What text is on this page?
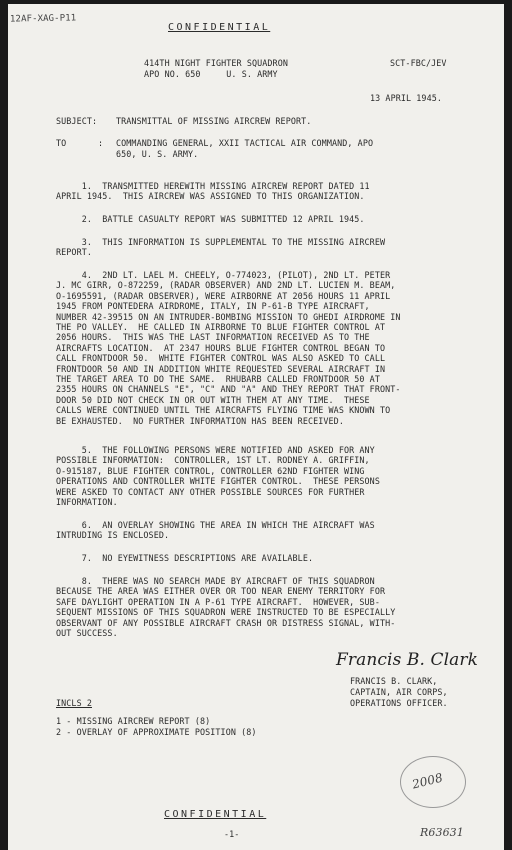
12AF-XAG-P11
CONFIDENTIAL
414TH NIGHT FIGHTER SQUADRON
APO NO. 650     U. S. ARMY
SCT-FBC/JEV
13 APRIL 1945.
SUBJECT: TRANSMITTAL OF MISSING AIRCREW REPORT.
TO	: COMMANDING GENERAL, XXII TACTICAL AIR COMMAND, APO
650, U. S. ARMY.
1.  TRANSMITTED HEREWITH MISSING AIRCREW REPORT DATED 11
APRIL 1945.  THIS AIRCREW WAS ASSIGNED TO THIS ORGANIZATION.
2.  BATTLE CASUALTY REPORT WAS SUBMITTED 12 APRIL 1945.
3.  THIS INFORMATION IS SUPPLEMENTAL TO THE MISSING AIRCREW
REPORT.
4.  2ND LT. LAEL M. CHEELY, O-774023, (PILOT), 2ND LT. PETER
J. MC GIRR, O-872259, (RADAR OBSERVER) AND 2ND LT. LUCIEN M. BEAM,
O-1695591, (RADAR OBSERVER), WERE AIRBORNE AT 2056 HOURS 11 APRIL
1945 FROM PONTEDERA AIRDROME, ITALY, IN P-61-B TYPE AIRCRAFT,
NUMBER 42-39515 ON AN INTRUDER-BOMBING MISSION TO GHEDI AIRDROME IN
THE PO VALLEY.  HE CALLED IN AIRBORNE TO BLUE FIGHTER CONTROL AT
2056 HOURS.  THIS WAS THE LAST INFORMATION RECEIVED AS TO THE
AIRCRAFTS LOCATION.  AT 2347 HOURS BLUE FIGHTER CONTROL BEGAN TO
CALL FRONTDOOR 50.  WHITE FIGHTER CONTROL WAS ALSO ASKED TO CALL
FRONTDOOR 50 AND IN ADDITION WHITE REQUESTED SEVERAL AIRCRAFT IN
THE TARGET AREA TO DO THE SAME.  RHUBARB CALLED FRONTDOOR 50 AT
2355 HOURS ON CHANNELS "E", "C" AND "A" AND THEY REPORT THAT FRONT-
DOOR 50 DID NOT CHECK IN OR OUT WITH THEM AT ANY TIME.  THESE
CALLS WERE CONTINUED UNTIL THE AIRCRAFTS FLYING TIME WAS KNOWN TO
BE EXHAUSTED.  NO FURTHER INFORMATION HAS BEEN RECEIVED.
5.  THE FOLLOWING PERSONS WERE NOTIFIED AND ASKED FOR ANY
POSSIBLE INFORMATION:  CONTROLLER, 1ST LT. RODNEY A. GRIFFIN,
O-915187, BLUE FIGHTER CONTROL, CONTROLLER 62ND FIGHTER WING
OPERATIONS AND CONTROLLER WHITE FIGHTER CONTROL.  THESE PERSONS
WERE ASKED TO CONTACT ANY OTHER POSSIBLE SOURCES FOR FURTHER
INFORMATION.
6.  AN OVERLAY SHOWING THE AREA IN WHICH THE AIRCRAFT WAS
INTRUDING IS ENCLOSED.
7.  NO EYEWITNESS DESCRIPTIONS ARE AVAILABLE.
8.  THERE WAS NO SEARCH MADE BY AIRCRAFT OF THIS SQUADRON
BECAUSE THE AREA WAS EITHER OVER OR TOO NEAR ENEMY TERRITORY FOR
SAFE DAYLIGHT OPERATION IN A P-61 TYPE AIRCRAFT.  HOWEVER, SUB-
SEQUENT MISSIONS OF THIS SQUADRON WERE INSTRUCTED TO BE ESPECIALLY
OBSERVANT OF ANY POSSIBLE AIRCRAFT CRASH OR DISTRESS SIGNAL, WITH-
OUT SUCCESS.
Francis B. Clark
FRANCIS B. CLARK,
CAPTAIN, AIR CORPS,
OPERATIONS OFFICER.
INCLS 2
1 - MISSING AIRCREW REPORT (8)
2 - OVERLAY OF APPROXIMATE POSITION (8)
2008
CONFIDENTIAL
-1-	R63631
